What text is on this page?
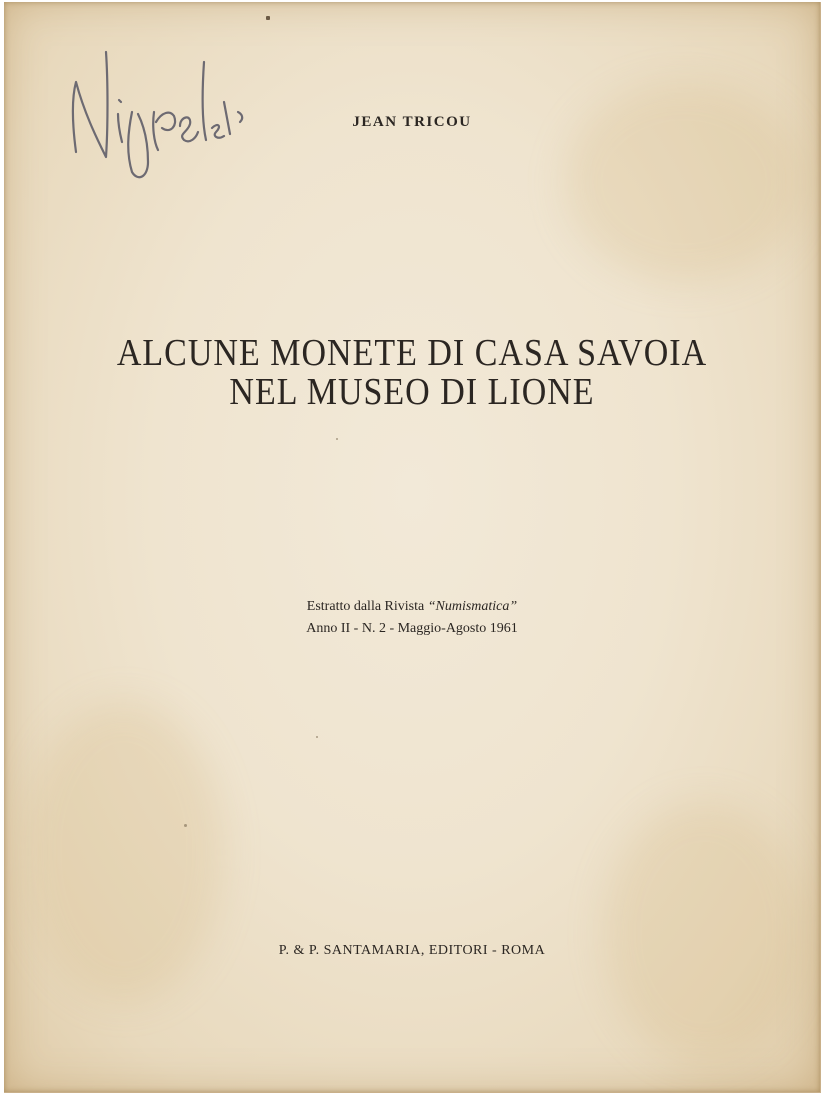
JEAN TRICOU
ALCUNE MONETE DI CASA SAVOIA
NEL MUSEO DI LIONE
Estratto dalla Rivista “Numismatica”
Anno II - N. 2 - Maggio-Agosto 1961
P. & P. SANTAMARIA, EDITORI - ROMA
